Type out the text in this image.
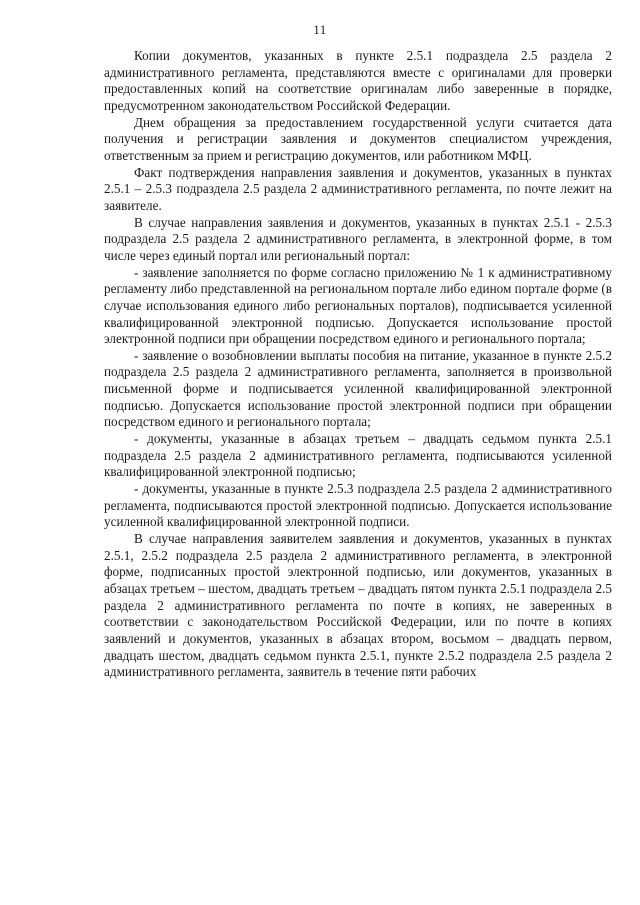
11

Копии документов, указанных в пункте 2.5.1 подраздела 2.5 раздела 2 административного регламента, представляются вместе с оригиналами для проверки предоставленных копий на соответствие оригиналам либо заверенные в порядке, предусмотренном законодательством Российской Федерации.

Днем обращения за предоставлением государственной услуги считается дата получения и регистрации заявления и документов специалистом учреждения, ответственным за прием и регистрацию документов, или работником МФЦ.

Факт подтверждения направления заявления и документов, указанных в пунктах 2.5.1 – 2.5.3 подраздела 2.5 раздела 2 административного регламента, по почте лежит на заявителе.

В случае направления заявления и документов, указанных в пунктах 2.5.1 - 2.5.3 подраздела 2.5 раздела 2 административного регламента, в электронной форме, в том числе через единый портал или региональный портал:

- заявление заполняется по форме согласно приложению № 1 к административному регламенту либо представленной на региональном портале либо едином портале форме (в случае использования единого либо региональных порталов), подписывается усиленной квалифицированной электронной подписью. Допускается использование простой электронной подписи при обращении посредством единого и регионального портала;

- заявление о возобновлении выплаты пособия на питание, указанное в пункте 2.5.2 подраздела 2.5 раздела 2 административного регламента, заполняется в произвольной письменной форме и подписывается усиленной квалифицированной электронной подписью. Допускается использование простой электронной подписи при обращении посредством единого и регионального портала;

- документы, указанные в абзацах третьем – двадцать седьмом пункта 2.5.1 подраздела 2.5 раздела 2 административного регламента, подписываются усиленной квалифицированной электронной подписью;

- документы, указанные в пункте 2.5.3 подраздела 2.5 раздела 2 административного регламента, подписываются простой электронной подписью. Допускается использование усиленной квалифицированной электронной подписи.

В случае направления заявителем заявления и документов, указанных в пунктах 2.5.1, 2.5.2 подраздела 2.5 раздела 2 административного регламента, в электронной форме, подписанных простой электронной подписью, или документов, указанных в абзацах третьем – шестом, двадцать третьем – двадцать пятом пункта 2.5.1 подраздела 2.5 раздела 2 административного регламента по почте в копиях, не заверенных в соответствии с законодательством Российской Федерации, или по почте в копиях заявлений и документов, указанных в абзацах втором, восьмом – двадцать первом, двадцать шестом, двадцать седьмом пункта 2.5.1, пункте 2.5.2 подраздела 2.5 раздела 2 административного регламента, заявитель в течение пяти рабочих
